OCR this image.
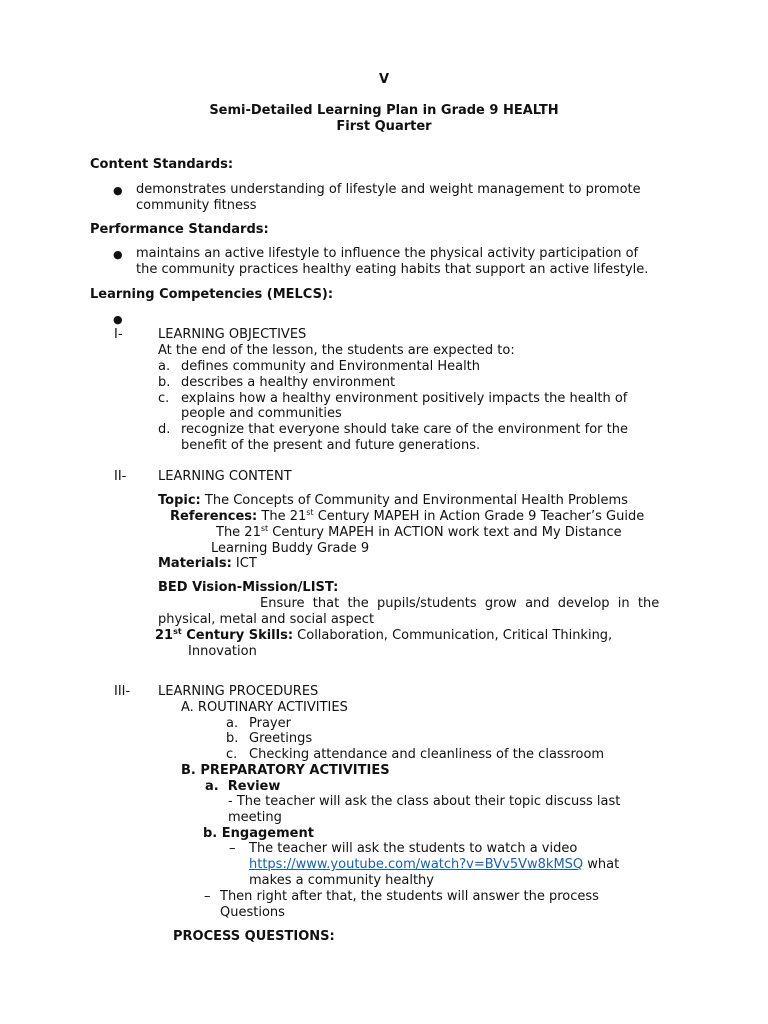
V
Semi-Detailed Learning Plan in Grade 9 HEALTH
First Quarter
Content Standards:
● demonstrates understanding of lifestyle and weight management to promote
community fitness
Performance Standards:
● maintains an active lifestyle to influence the physical activity participation of
the community practices healthy eating habits that support an active lifestyle.
Learning Competencies (MELCS):
●
I-	LEARNING OBJECTIVES
At the end of the lesson, the students are expected to:
a. defines community and Environmental Health
b. describes a healthy environment
c. explains how a healthy environment positively impacts the health of
people and communities
d. recognize that everyone should take care of the environment for the
benefit of the present and future generations.
II- LEARNING CONTENT
Topic: The Concepts of Community and Environmental Health Problems
References: The 21st Century MAPEH in Action Grade 9 Teacher’s Guide
The 21st Century MAPEH in ACTION work text and My Distance
Learning Buddy Grade 9
Materials: ICT
BED Vision-Mission/LIST:
Ensure  that  the  pupils/students  grow  and  develop  in  the
physical, metal and social aspect
21st Century Skills: Collaboration, Communication, Critical Thinking,
Innovation
III- LEARNING PROCEDURES
A. ROUTINARY ACTIVITIES
a. Prayer
b. Greetings
c. Checking attendance and cleanliness of the classroom
B. PREPARATORY ACTIVITIES
a.  Review
- The teacher will ask the class about their topic discuss last
meeting
b. Engagement
– The teacher will ask the students to watch a video
https://www.youtube.com/watch?v=BVv5Vw8kMSQ what
makes a community healthy
– Then right after that, the students will answer the process
Questions
PROCESS QUESTIONS:
